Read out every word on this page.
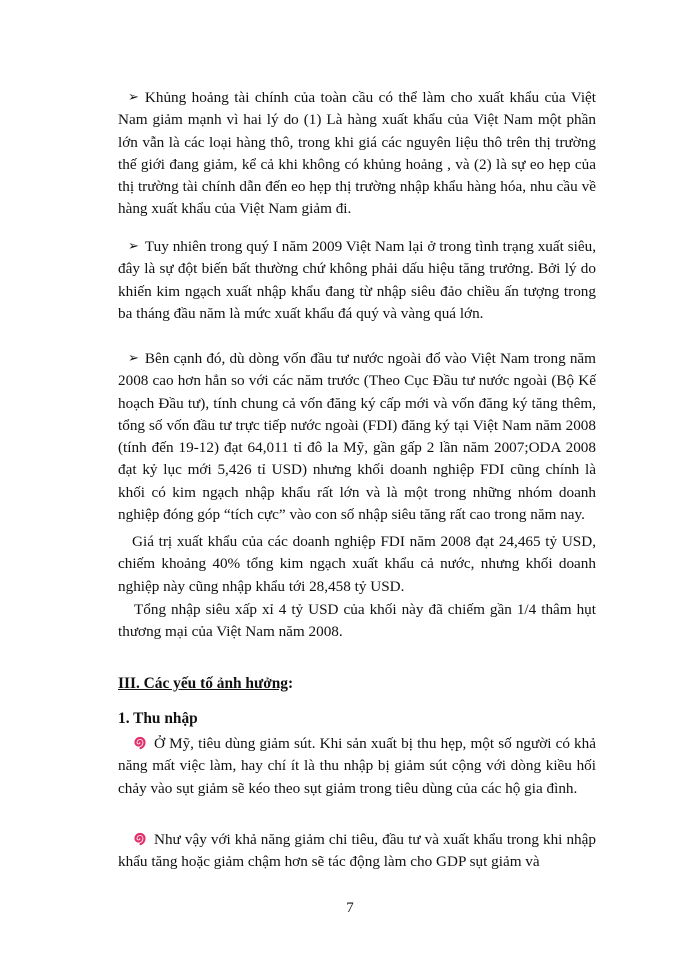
➢ Khủng hoảng tài chính của toàn cầu có thể làm cho xuất khẩu của Việt Nam giảm mạnh vì hai lý do (1) Là hàng xuất khẩu của Việt Nam một phần lớn vẫn là các loại hàng thô, trong khi giá các nguyên liệu thô trên thị trường thế giới đang giảm, kể cả khi không có khủng hoảng , và (2) là sự eo hẹp của thị trường tài chính dẫn đến eo hẹp thị trường nhập khẩu hàng hóa, nhu cầu về hàng xuất khẩu của Việt Nam giảm đi.

➢ Tuy nhiên trong quý I năm 2009 Việt Nam lại ở trong tình trạng xuất siêu, đây là sự đột biến bất thường chứ không phải dấu hiệu tăng trưởng. Bởi lý do khiến kim ngạch xuất nhập khẩu đang từ nhập siêu đảo chiều ấn tượng trong ba tháng đầu năm là mức xuất khẩu đá quý và vàng quá lớn.

➢ Bên cạnh đó, dù dòng vốn đầu tư nước ngoài đổ vào Việt Nam trong năm 2008 cao hơn hẳn so với các năm trước (Theo Cục Đầu tư nước ngoài (Bộ Kế hoạch Đầu tư), tính chung cả vốn đăng ký cấp mới và vốn đăng ký tăng thêm, tổng số vốn đầu tư trực tiếp nước ngoài (FDI) đăng ký tại Việt Nam năm 2008 (tính đến 19-12) đạt 64,011 tỉ đô la Mỹ, gần gấp 2 lần năm 2007;ODA 2008 đạt kỷ lục mới 5,426 tỉ USD) nhưng khối doanh nghiệp FDI cũng chính là khối có kim ngạch nhập khẩu rất lớn và là một trong những nhóm doanh nghiệp đóng góp “tích cực” vào con số nhập siêu tăng rất cao trong năm nay.

Giá trị xuất khẩu của các doanh nghiệp FDI năm 2008 đạt 24,465 tỷ USD, chiếm khoảng 40% tổng kim ngạch xuất khẩu cả nước, nhưng khối doanh nghiệp này cũng nhập khẩu tới 28,458 tỷ USD.

Tổng nhập siêu xấp xỉ 4 tỷ USD của khối này đã chiếm gần 1/4 thâm hụt thương mại của Việt Nam năm 2008.

III. Các yếu tố ảnh hưởng:

1. Thu nhập

Ở Mỹ, tiêu dùng giảm sút. Khi sản xuất bị thu hẹp, một số người có khả năng mất việc làm, hay chí ít là thu nhập bị giảm sút cộng với dòng kiều hối chảy vào sụt giảm sẽ kéo theo sụt giảm trong tiêu dùng của các hộ gia đình.

Như vậy với khả năng giảm chi tiêu, đầu tư và xuất khẩu trong khi nhập khẩu tăng hoặc giảm chậm hơn sẽ tác động làm cho GDP sụt giảm và

7
